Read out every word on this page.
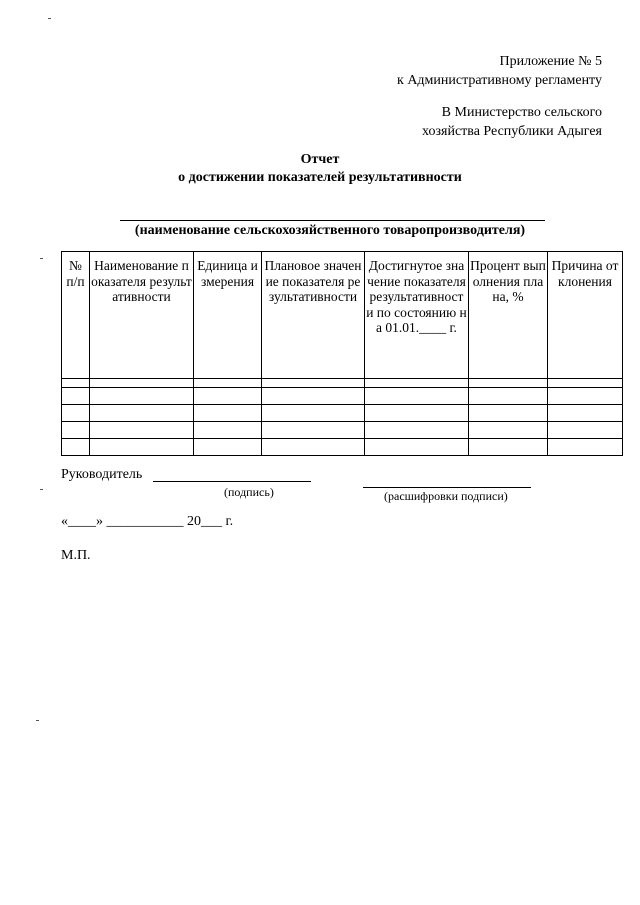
Приложение № 5
к Административному регламенту
В Министерство сельского
хозяйства Республики Адыгея
Отчет
о достижении показателей результативности
(наименование сельскохозяйственного товаропроизводителя)
№ п/п	Наименование показателя результативности	Единица измерения	Плановое значение показателя результативности	Достигнутое значение показателя результативности по состоянию на 01.01.____ г.	Процент выполнения плана, %	Причина отклонения

Руководитель
(подпись)	(расшифровки подписи)
«____» ___________ 20___ г.
М.П.
